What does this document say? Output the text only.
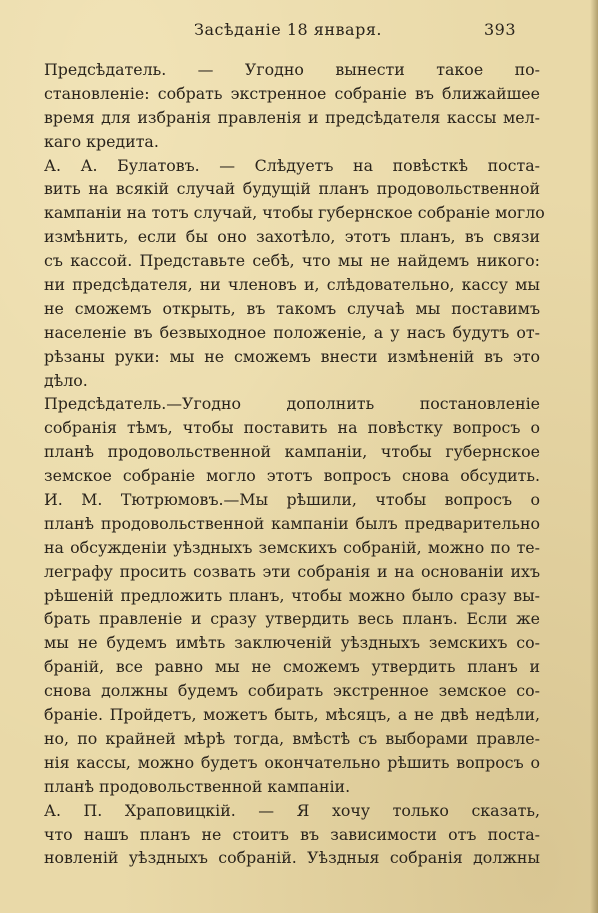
Засѣданіе 18 января.	393
Предсѣдатель. — Угодно вынести такое по-
становленіе: собрать экстренное собраніе въ ближайшее
время для избранія правленія и предсѣдателя кассы мел-
каго кредита.
А. А. Булатовъ. — Слѣдуетъ на повѣсткѣ поста-
вить на всякій случай будущій планъ продовольственной
кампаніи на тотъ случай, чтобы губернское собраніе могло
измѣнить, если бы оно захотѣло, этотъ планъ, въ связи
съ кассой. Представьте себѣ, что мы не найдемъ никого:
ни предсѣдателя, ни членовъ и, слѣдовательно, кассу мы
не сможемъ открыть, въ такомъ случаѣ мы поставимъ
населеніе въ безвыходное положеніе, а у насъ будутъ от-
рѣзаны руки: мы не сможемъ внести измѣненій въ это
дѣло.
Предсѣдатель.—Угодно дополнить постановленіе
собранія тѣмъ, чтобы поставить на повѣстку вопросъ о
планѣ продовольственной кампаніи, чтобы губернское
земское собраніе могло этотъ вопросъ снова обсудить.
И. М. Тютрюмовъ.—Мы рѣшили, чтобы вопросъ о
планѣ продовольственной кампаніи былъ предварительно
на обсужденіи уѣздныхъ земскихъ собраній, можно по те-
леграфу просить созвать эти собранія и на основаніи ихъ
рѣшеній предложить планъ, чтобы можно было сразу вы-
брать правленіе и сразу утвердить весь планъ. Если же
мы не будемъ имѣть заключеній уѣздныхъ земскихъ со-
браній, все равно мы не сможемъ утвердить планъ и
снова должны будемъ собирать экстренное земское со-
браніе. Пройдетъ, можетъ быть, мѣсяцъ, а не двѣ недѣли,
но, по крайней мѣрѣ тогда, вмѣстѣ съ выборами правле-
нія кассы, можно будетъ окончательно рѣшить вопросъ о
планѣ продовольственной кампаніи.
А. П. Храповицкій. — Я хочу только сказать,
что нашъ планъ не стоитъ въ зависимости отъ поста-
новленій уѣздныхъ собраній. Уѣздныя собранія должны
